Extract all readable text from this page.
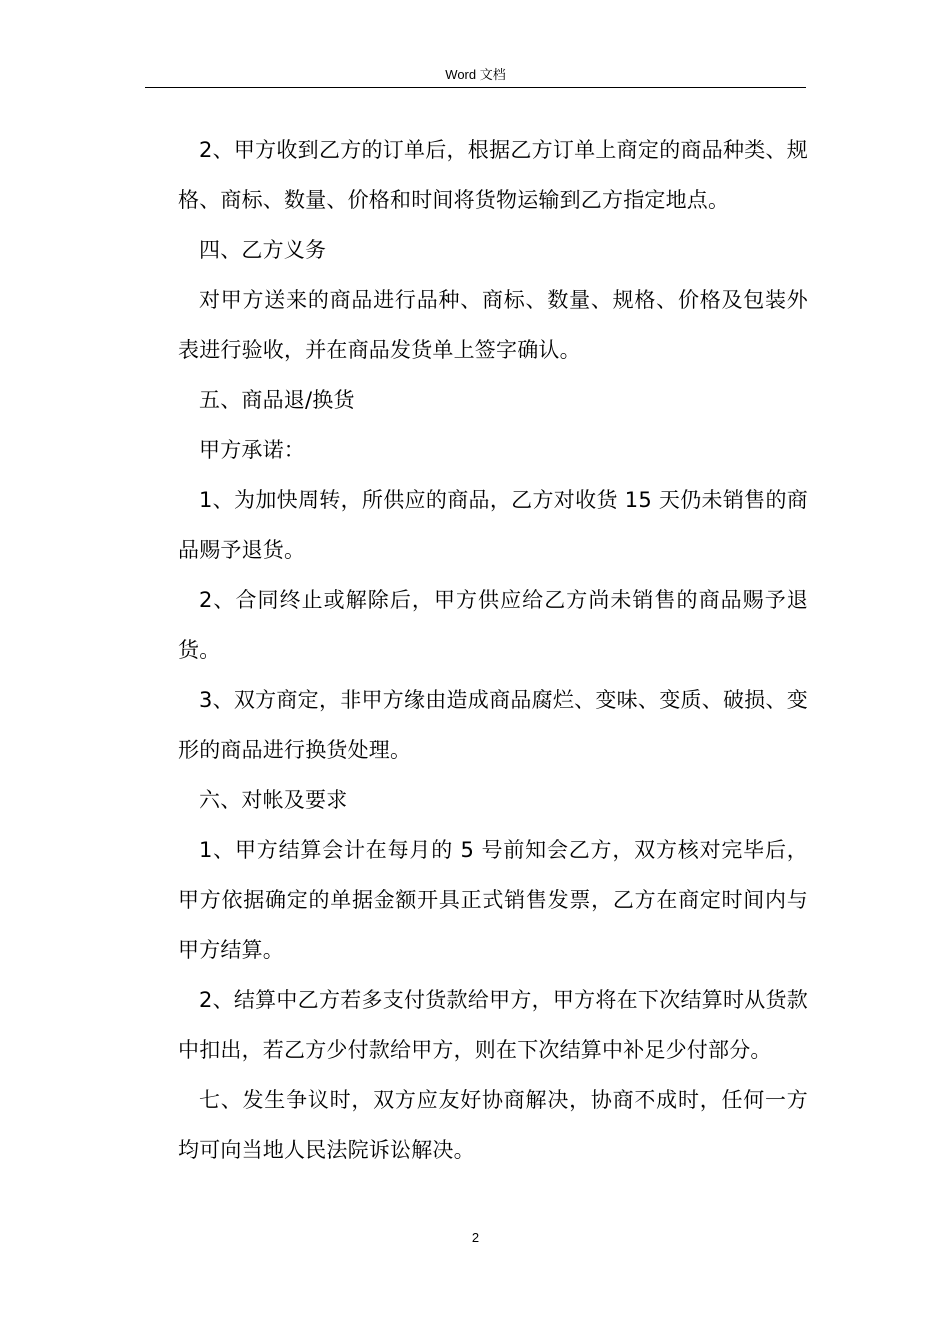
Word 文档

2、甲方收到乙方的订单后，根据乙方订单上商定的商品种类、规格、商标、数量、价格和时间将货物运输到乙方指定地点。

四、乙方义务

对甲方送来的商品进行品种、商标、数量、规格、价格及包装外表进行验收，并在商品发货单上签字确认。

五、商品退/换货

甲方承诺：

1、为加快周转，所供应的商品，乙方对收货 15 天仍未销售的商品赐予退货。

2、合同终止或解除后，甲方供应给乙方尚未销售的商品赐予退货。

3、双方商定，非甲方缘由造成商品腐烂、变味、变质、破损、变形的商品进行换货处理。

六、对帐及要求

1、甲方结算会计在每月的 5 号前知会乙方，双方核对完毕后，甲方依据确定的单据金额开具正式销售发票，乙方在商定时间内与甲方结算。

2、结算中乙方若多支付货款给甲方，甲方将在下次结算时从货款中扣出，若乙方少付款给甲方，则在下次结算中补足少付部分。

七、发生争议时，双方应友好协商解决，协商不成时，任何一方均可向当地人民法院诉讼解决。

2
